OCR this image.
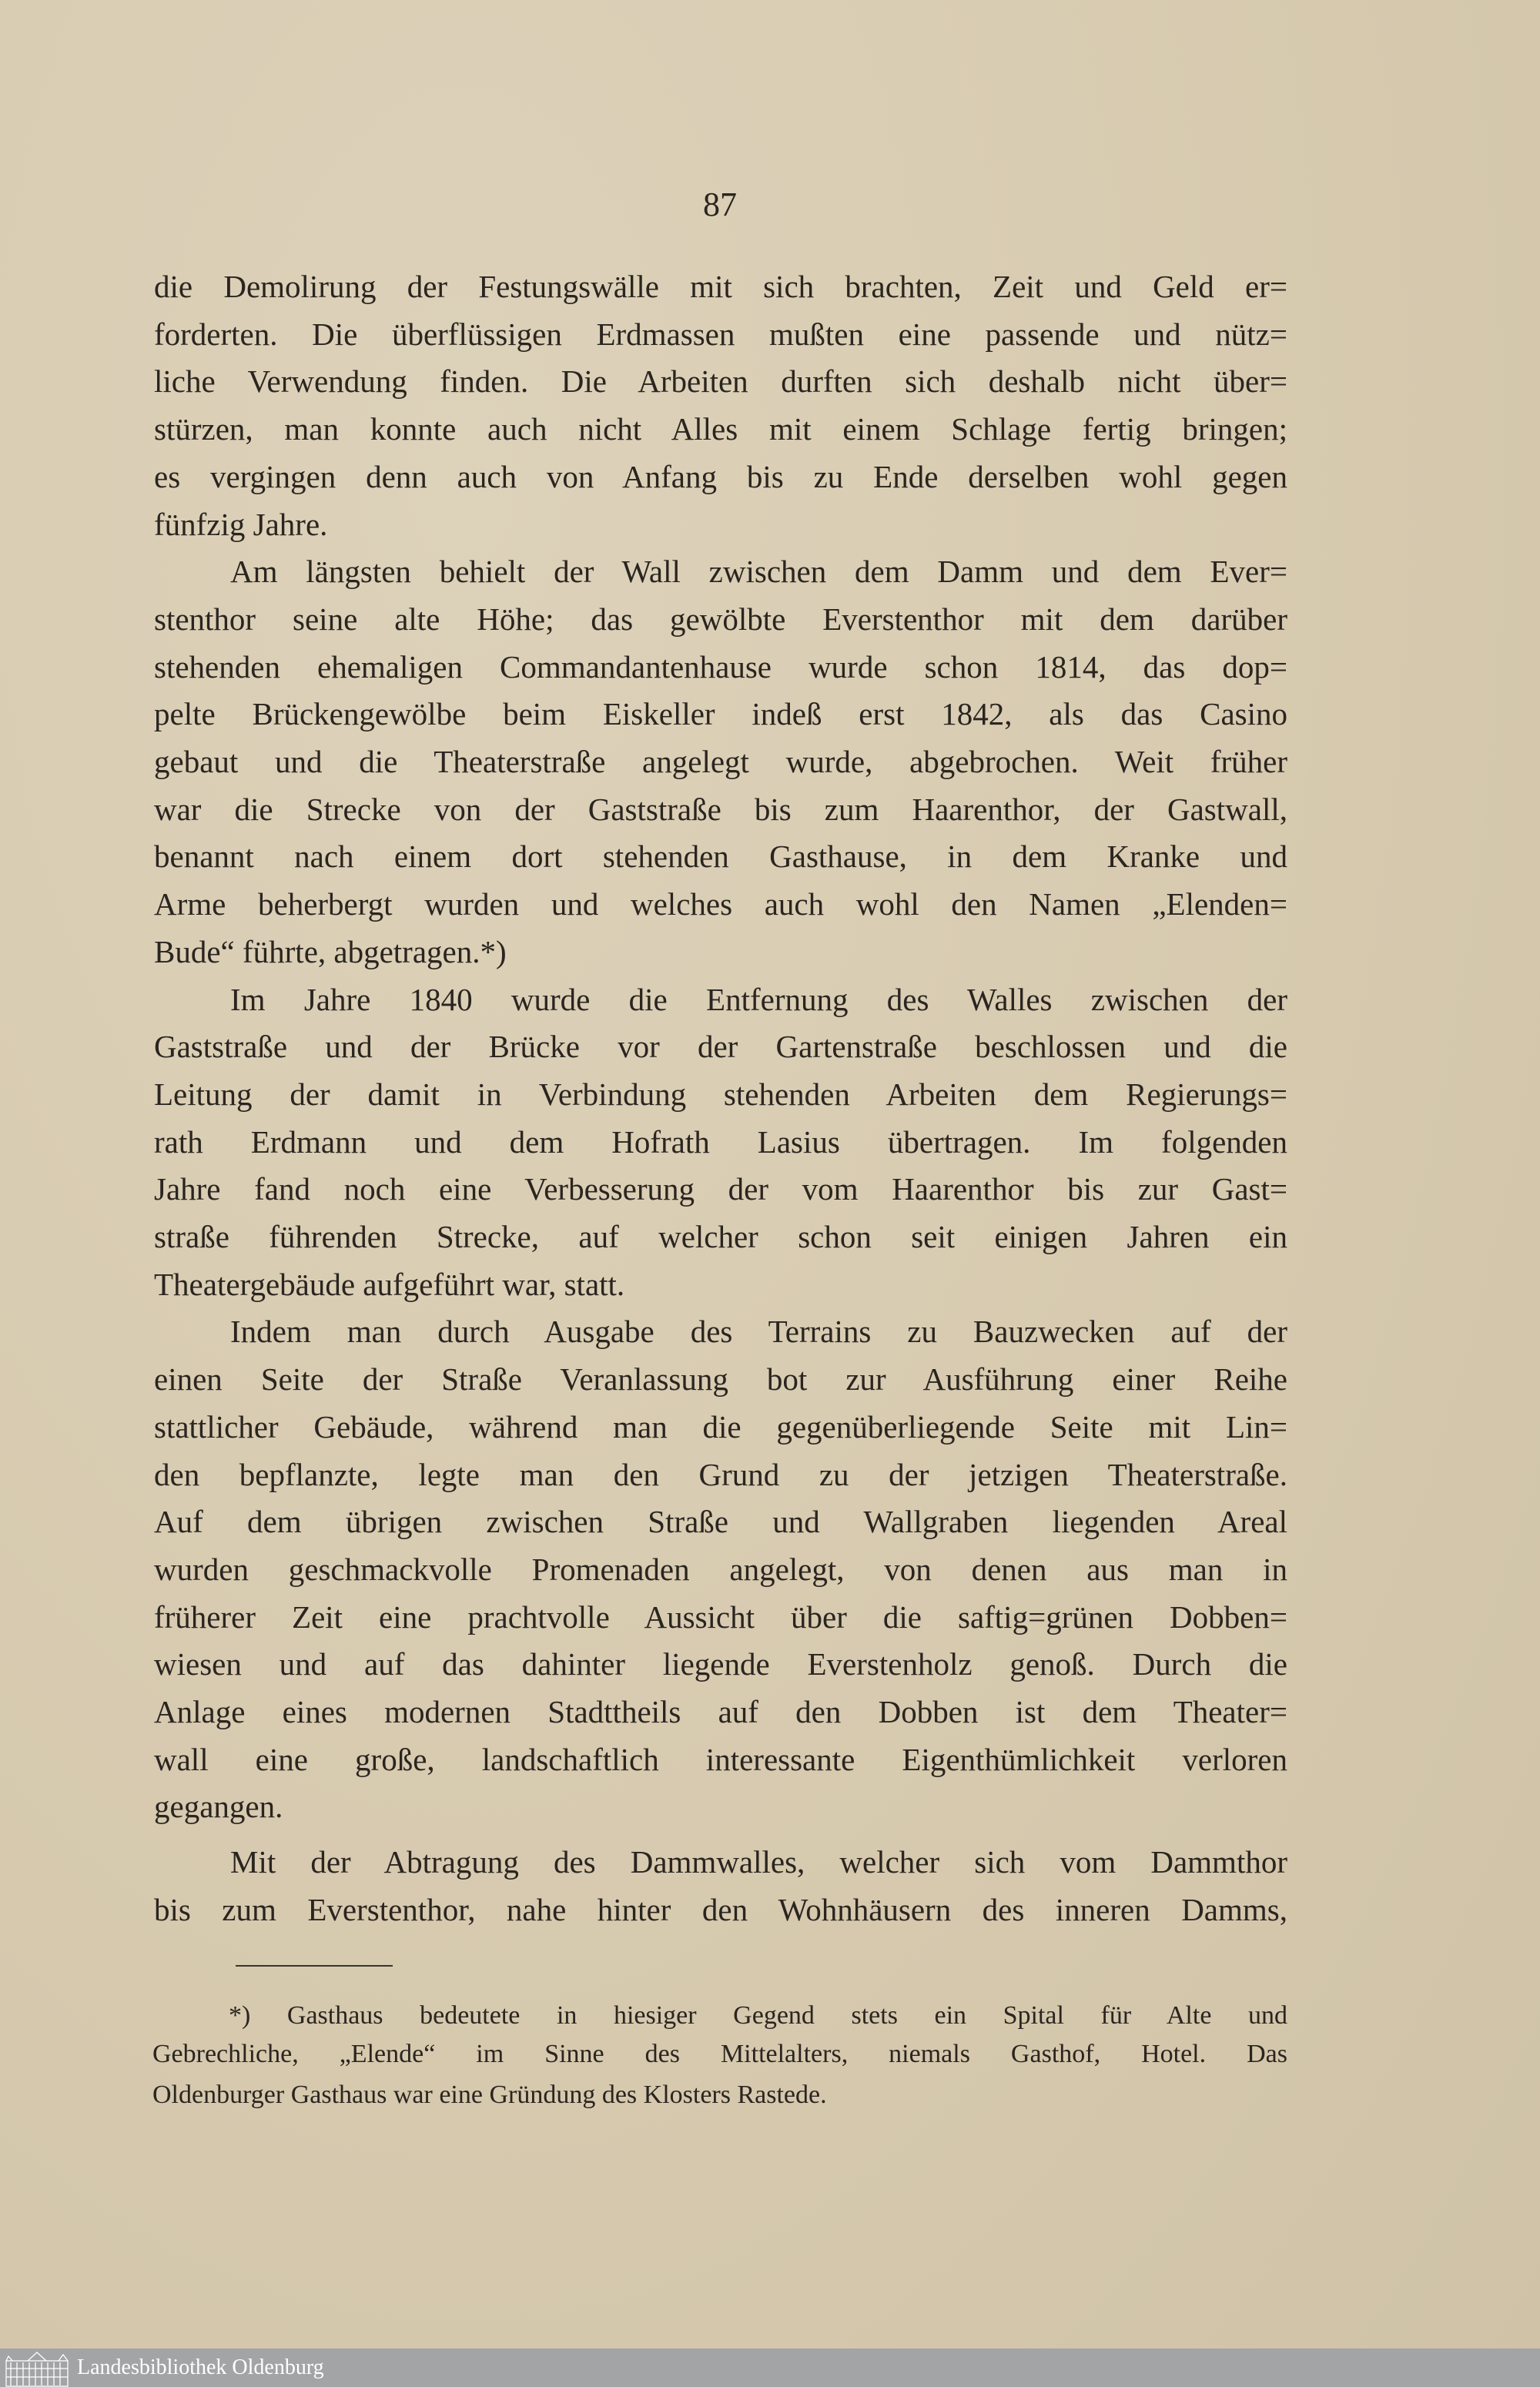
87
die Demolirung der Festungswälle mit sich brachten, Zeit und Geld er=
forderten. Die überflüssigen Erdmassen mußten eine passende und nütz=
liche Verwendung finden. Die Arbeiten durften sich deshalb nicht über=
stürzen, man konnte auch nicht Alles mit einem Schlage fertig bringen;
es vergingen denn auch von Anfang bis zu Ende derselben wohl gegen
fünfzig Jahre.
Am längsten behielt der Wall zwischen dem Damm und dem Ever=
stenthor seine alte Höhe; das gewölbte Everstenthor mit dem darüber
stehenden ehemaligen Commandantenhause wurde schon 1814, das dop=
pelte Brückengewölbe beim Eiskeller indeß erst 1842, als das Casino
gebaut und die Theaterstraße angelegt wurde, abgebrochen. Weit früher
war die Strecke von der Gaststraße bis zum Haarenthor, der Gastwall,
benannt nach einem dort stehenden Gasthause, in dem Kranke und
Arme beherbergt wurden und welches auch wohl den Namen „Elenden=
Bude“ führte, abgetragen.*)
Im Jahre 1840 wurde die Entfernung des Walles zwischen der
Gaststraße und der Brücke vor der Gartenstraße beschlossen und die
Leitung der damit in Verbindung stehenden Arbeiten dem Regierungs=
rath Erdmann und dem Hofrath Lasius übertragen. Im folgenden
Jahre fand noch eine Verbesserung der vom Haarenthor bis zur Gast=
straße führenden Strecke, auf welcher schon seit einigen Jahren ein
Theatergebäude aufgeführt war, statt.
Indem man durch Ausgabe des Terrains zu Bauzwecken auf der
einen Seite der Straße Veranlassung bot zur Ausführung einer Reihe
stattlicher Gebäude, während man die gegenüberliegende Seite mit Lin=
den bepflanzte, legte man den Grund zu der jetzigen Theaterstraße.
Auf dem übrigen zwischen Straße und Wallgraben liegenden Areal
wurden geschmackvolle Promenaden angelegt, von denen aus man in
früherer Zeit eine prachtvolle Aussicht über die saftig=grünen Dobben=
wiesen und auf das dahinter liegende Everstenholz genoß. Durch die
Anlage eines modernen Stadttheils auf den Dobben ist dem Theater=
wall eine große, landschaftlich interessante Eigenthümlichkeit verloren
gegangen.
Mit der Abtragung des Dammwalles, welcher sich vom Dammthor
bis zum Everstenthor, nahe hinter den Wohnhäusern des inneren Damms,
*) Gasthaus bedeutete in hiesiger Gegend stets ein Spital für Alte und
Gebrechliche, „Elende“ im Sinne des Mittelalters, niemals Gasthof, Hotel. Das
Oldenburger Gasthaus war eine Gründung des Klosters Rastede.
Landesbibliothek Oldenburg
